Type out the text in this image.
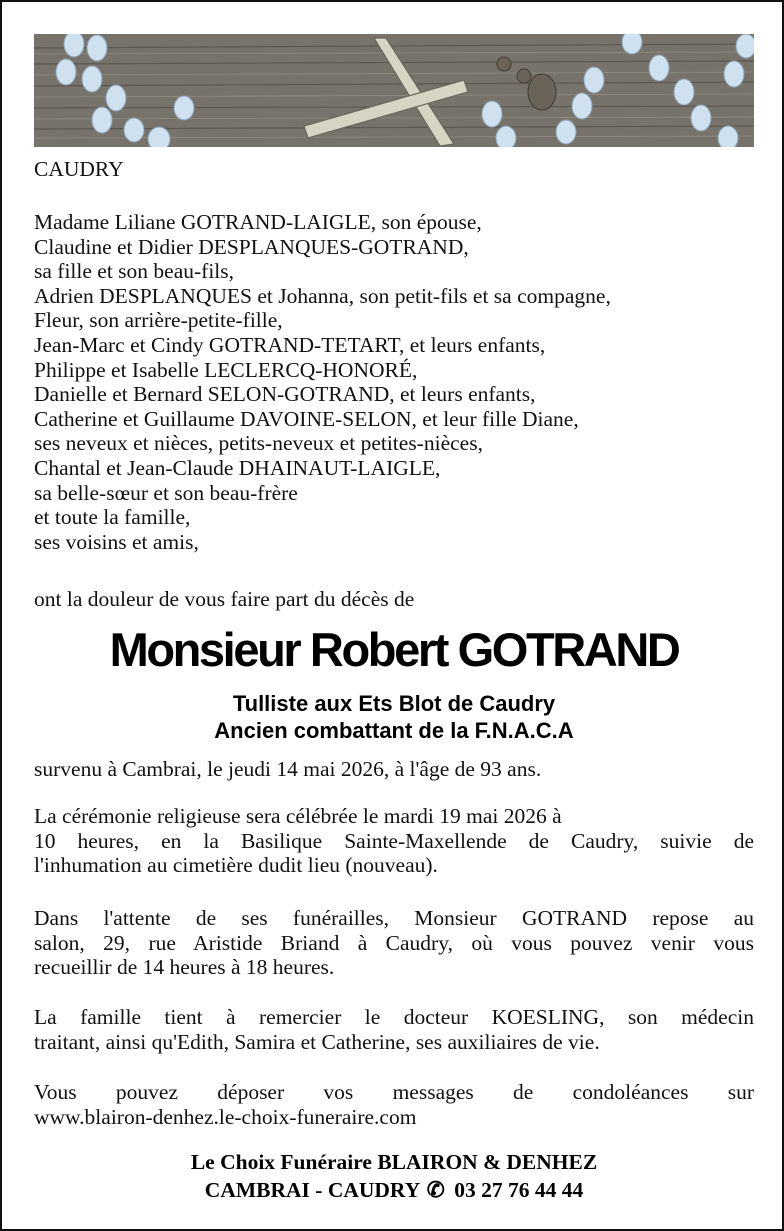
CAUDRY
Madame Liliane GOTRAND-LAIGLE, son épouse,
Claudine et Didier DESPLANQUES-GOTRAND,
sa fille et son beau-fils,
Adrien DESPLANQUES et Johanna, son petit-fils et sa compagne,
Fleur, son arrière-petite-fille,
Jean-Marc et Cindy GOTRAND-TETART, et leurs enfants,
Philippe et Isabelle LECLERCQ-HONORÉ,
Danielle et Bernard SELON-GOTRAND, et leurs enfants,
Catherine et Guillaume DAVOINE-SELON, et leur fille Diane,
ses neveux et nièces, petits-neveux et petites-nièces,
Chantal et Jean-Claude DHAINAUT-LAIGLE,
sa belle-sœur et son beau-frère
et toute la famille,
ses voisins et amis,
ont la douleur de vous faire part du décès de
Monsieur Robert GOTRAND
Tulliste aux Ets Blot de Caudry
Ancien combattant de la F.N.A.C.A
survenu à Cambrai, le jeudi 14 mai 2026, à l'âge de 93 ans.
La cérémonie religieuse sera célébrée le mardi 19 mai 2026 à
10 heures, en la Basilique Sainte-Maxellende de Caudry, suivie de
l'inhumation au cimetière dudit lieu (nouveau).
Dans l'attente de ses funérailles, Monsieur GOTRAND repose au
salon, 29, rue Aristide Briand à Caudry, où vous pouvez venir vous
recueillir de 14 heures à 18 heures.
La famille tient à remercier le docteur KOESLING, son médecin
traitant, ainsi qu'Edith, Samira et Catherine, ses auxiliaires de vie.
Vous pouvez déposer vos messages de condoléances sur
www.blairon-denhez.le-choix-funeraire.com
Le Choix Funéraire BLAIRON & DENHEZ
CAMBRAI - CAUDRY ✆ 03 27 76 44 44
